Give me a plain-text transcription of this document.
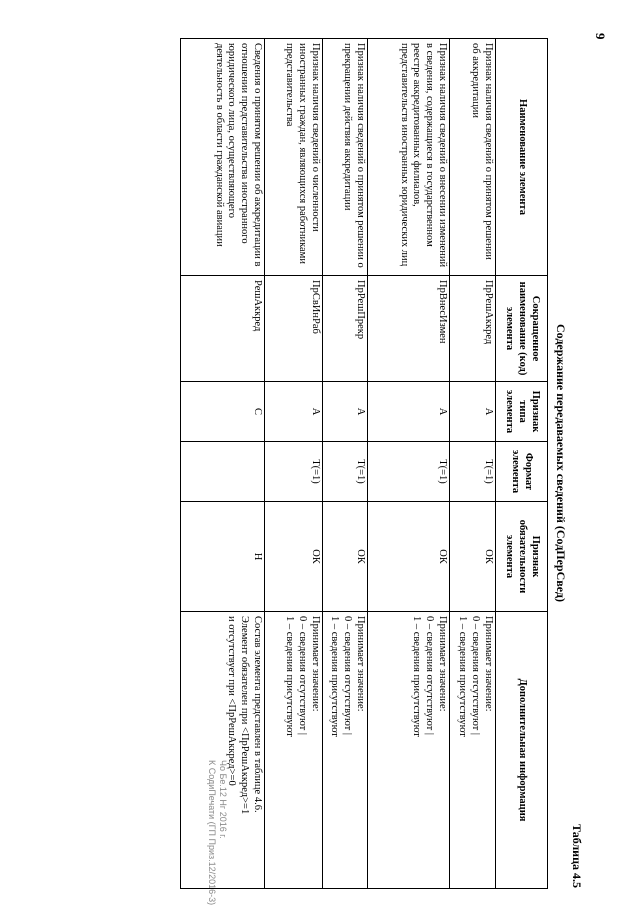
9
Чо Бе.12 Нг 2016 г.
К СодиПечати (ГП Приз.12/2016-3)	Таблица 4.5
Содержание передаваемых сведений (СодПерСвед)
Наименование элемента	Сокращенное наименование (код) элемента	Признак типа элемента	Формат элемента	Признак обязательности элемента	Дополнительная информация
Признак наличия сведений о принятом решении об аккредитации	ПрРешАккред	А	T(=1)	ОК	Принимает значение:
0 – сведения отсутствуют |
1 – сведения присутствуют

Признак наличия сведений о внесении изменений в сведения, содержащиеся в государственном реестре аккредитованных филиалов, представительств иностранных юридических лиц	ПрВнесИзмен	А	T(=1)	ОК	Принимает значение:
0 – сведения отсутствуют |
1 – сведения присутствуют

Признак наличия сведений о принятом решении о прекращении действия аккредитации	ПрРешПрекр	А	T(=1)	ОК	Принимает значение:
0 – сведения отсутствуют |
1 – сведения присутствуют

Признак наличия сведений о численности иностранных граждан, являющихся работниками представительства	ПрСвИнРаб	А	T(=1)	ОК	Принимает значение:
0 – сведения отсутствуют |
1 – сведения присутствуют

Сведения о принятом решении об аккредитации в отношении представительства иностранного юридического лица, осуществляющего деятельность в области гражданской авиации	РешАккред	С		Н	Состав элемента представлен в таблице 4.6.
Элемент обязателен при <ПрРешАккред>=1
и отсутствует при <ПрРешАккред>=0
